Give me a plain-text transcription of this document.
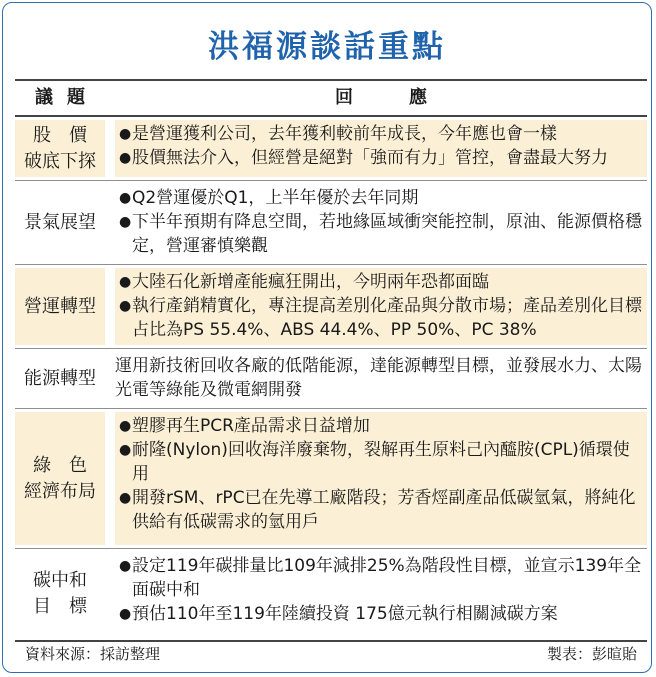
洪福源談話重點
議題	回應
股　價
破底下探
● 是營運獲利公司，去年獲利較前年成長，今年應也會一樣
● 股價無法介入，但經營是絕對「強而有力」管控，會盡最大努力
景氣展望
● Q2營運優於Q1，上半年優於去年同期
● 下半年預期有降息空間，若地緣區域衝突能控制，原油、能源價格穩定，營運審慎樂觀
營運轉型
● 大陸石化新增產能瘋狂開出，今明兩年恐都面臨
● 執行產銷精實化，專注提高差別化產品與分散市場；產品差別化目標占比為PS 55.4%、ABS 44.4%、PP 50%、PC 38%
能源轉型
運用新技術回收各廠的低階能源，達能源轉型目標，並發展水力、太陽光電等綠能及微電網開發
綠　色
經濟布局
● 塑膠再生PCR產品需求日益增加
● 耐隆(Nylon)回收海洋廢棄物，裂解再生原料己內醯胺(CPL)循環使用
● 開發rSM、rPC已在先導工廠階段；芳香烴副產品低碳氫氣，將純化供給有低碳需求的氫用戶
碳中和
目　標
● 設定119年碳排量比109年減排25%為階段性目標，並宣示139年全面碳中和
● 預估110年至119年陸續投資 175億元執行相關減碳方案
資料來源：採訪整理	製表：彭暄貽
